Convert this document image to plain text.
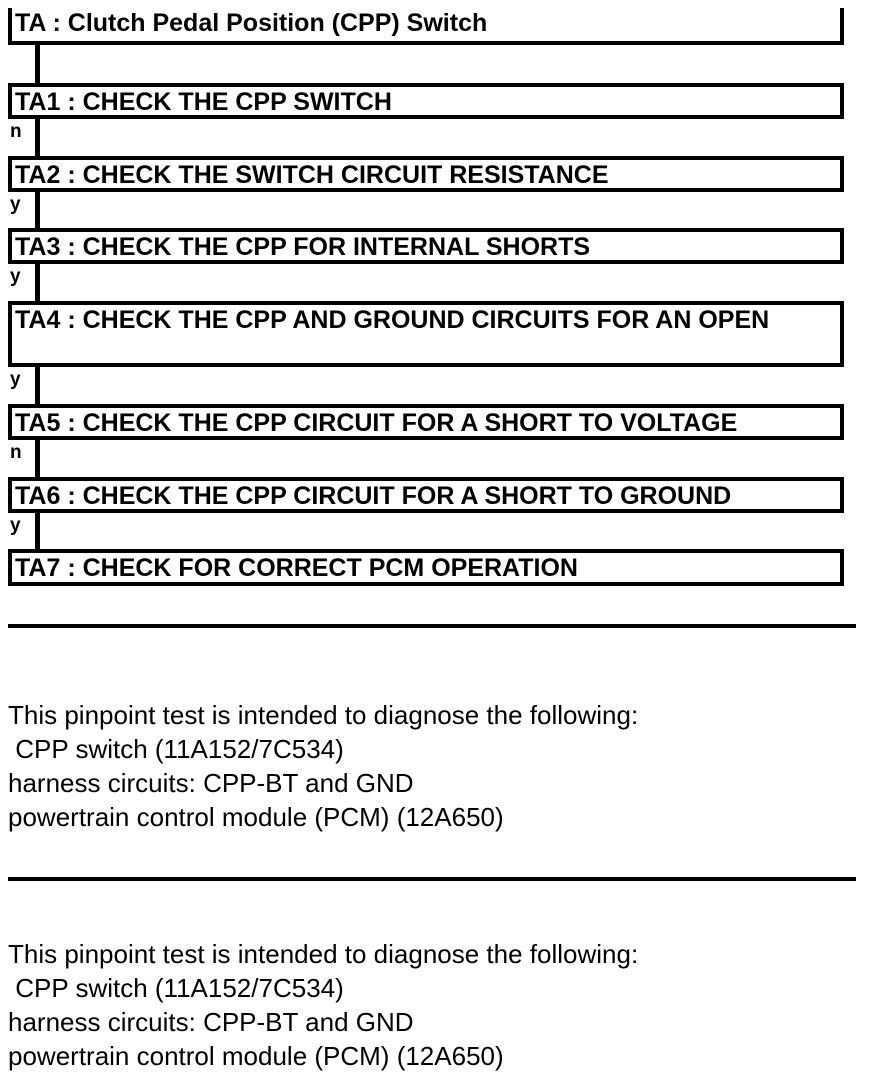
TA : Clutch Pedal Position (CPP) Switch
TA1 : CHECK THE CPP SWITCH
n
TA2 : CHECK THE SWITCH CIRCUIT RESISTANCE
y
TA3 : CHECK THE CPP FOR INTERNAL SHORTS
y
TA4 : CHECK THE CPP AND GROUND CIRCUITS FOR AN OPEN
y
TA5 : CHECK THE CPP CIRCUIT FOR A SHORT TO VOLTAGE
n
TA6 : CHECK THE CPP CIRCUIT FOR A SHORT TO GROUND
y
TA7 : CHECK FOR CORRECT PCM OPERATION
This pinpoint test is intended to diagnose the following:
CPP switch (11A152/7C534)
harness circuits: CPP-BT and GND
powertrain control module (PCM) (12A650)
This pinpoint test is intended to diagnose the following:
CPP switch (11A152/7C534)
harness circuits: CPP-BT and GND
powertrain control module (PCM) (12A650)
